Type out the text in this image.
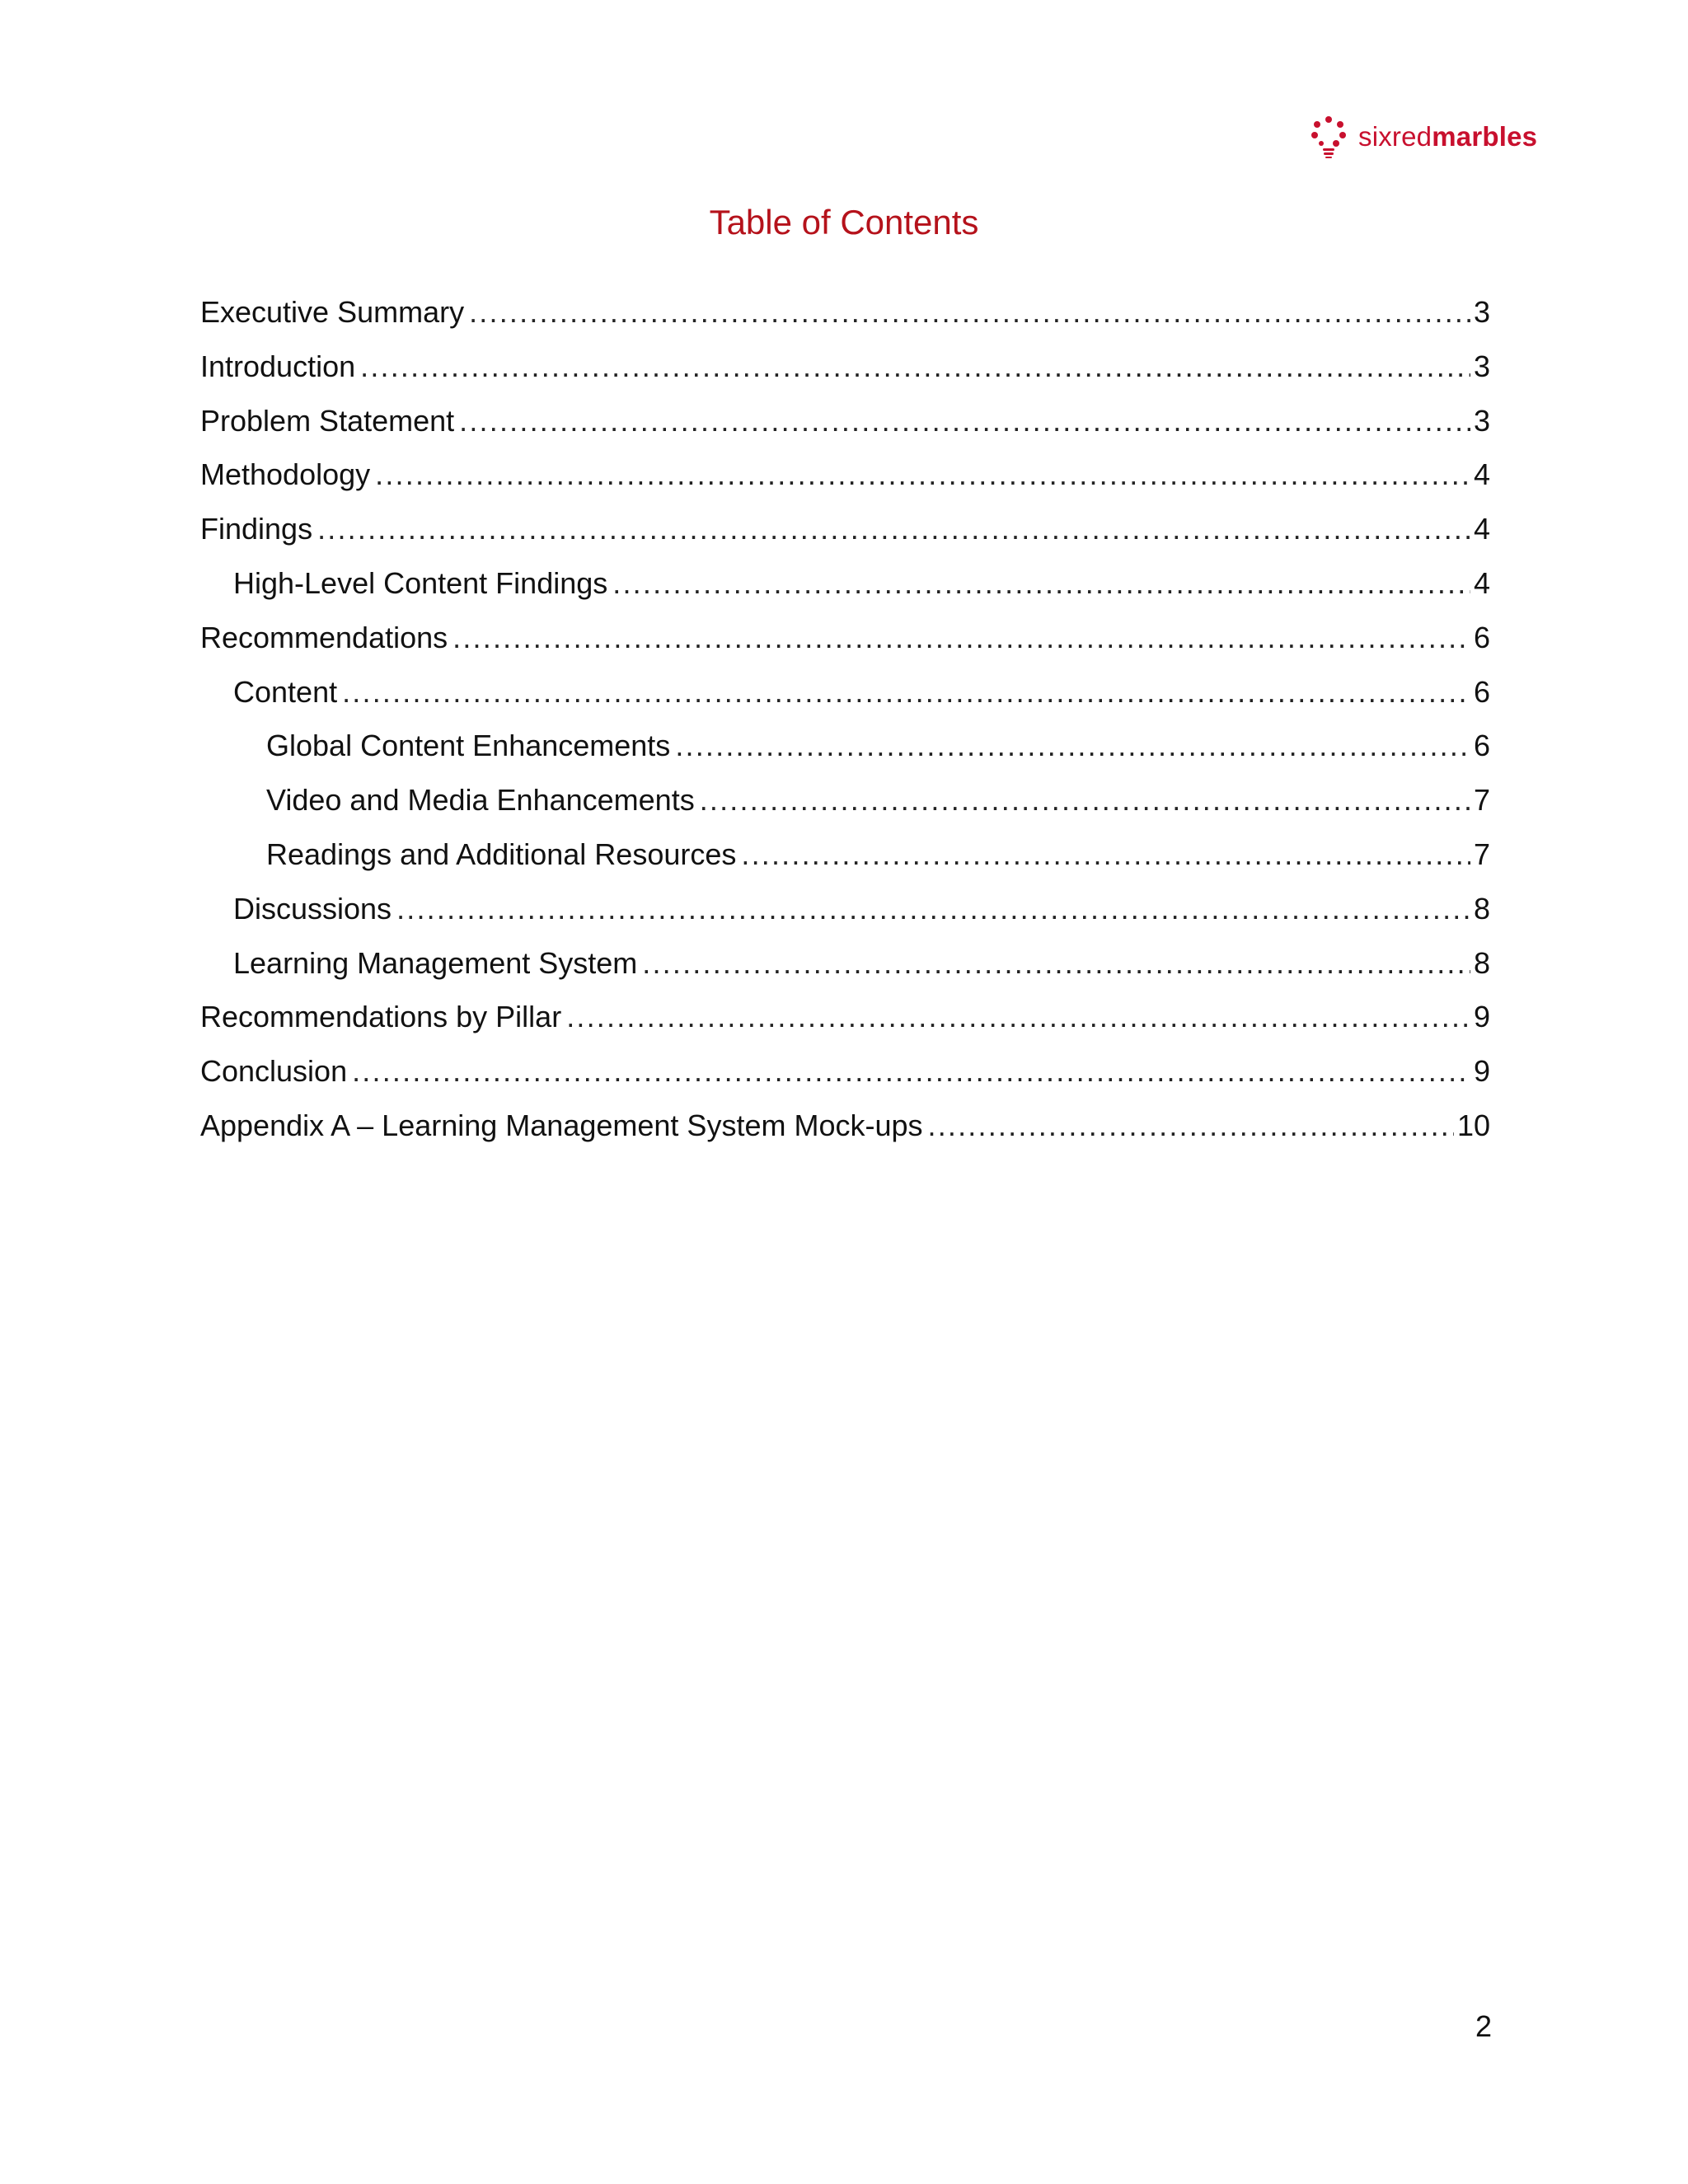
sixredmarbles
Table of Contents
Executive Summary .....	3
Introduction .....	3
Problem Statement .....	3
Methodology .....	4
Findings .....	4
High-Level Content Findings .....	4
Recommendations .....	6
Content .....	6
Global Content Enhancements .....	6
Video and Media Enhancements .....	7
Readings and Additional Resources .....	7
Discussions .....	8
Learning Management System .....	8
Recommendations by Pillar .....	9
Conclusion .....	9
Appendix A – Learning Management System Mock-ups .....	10
2
